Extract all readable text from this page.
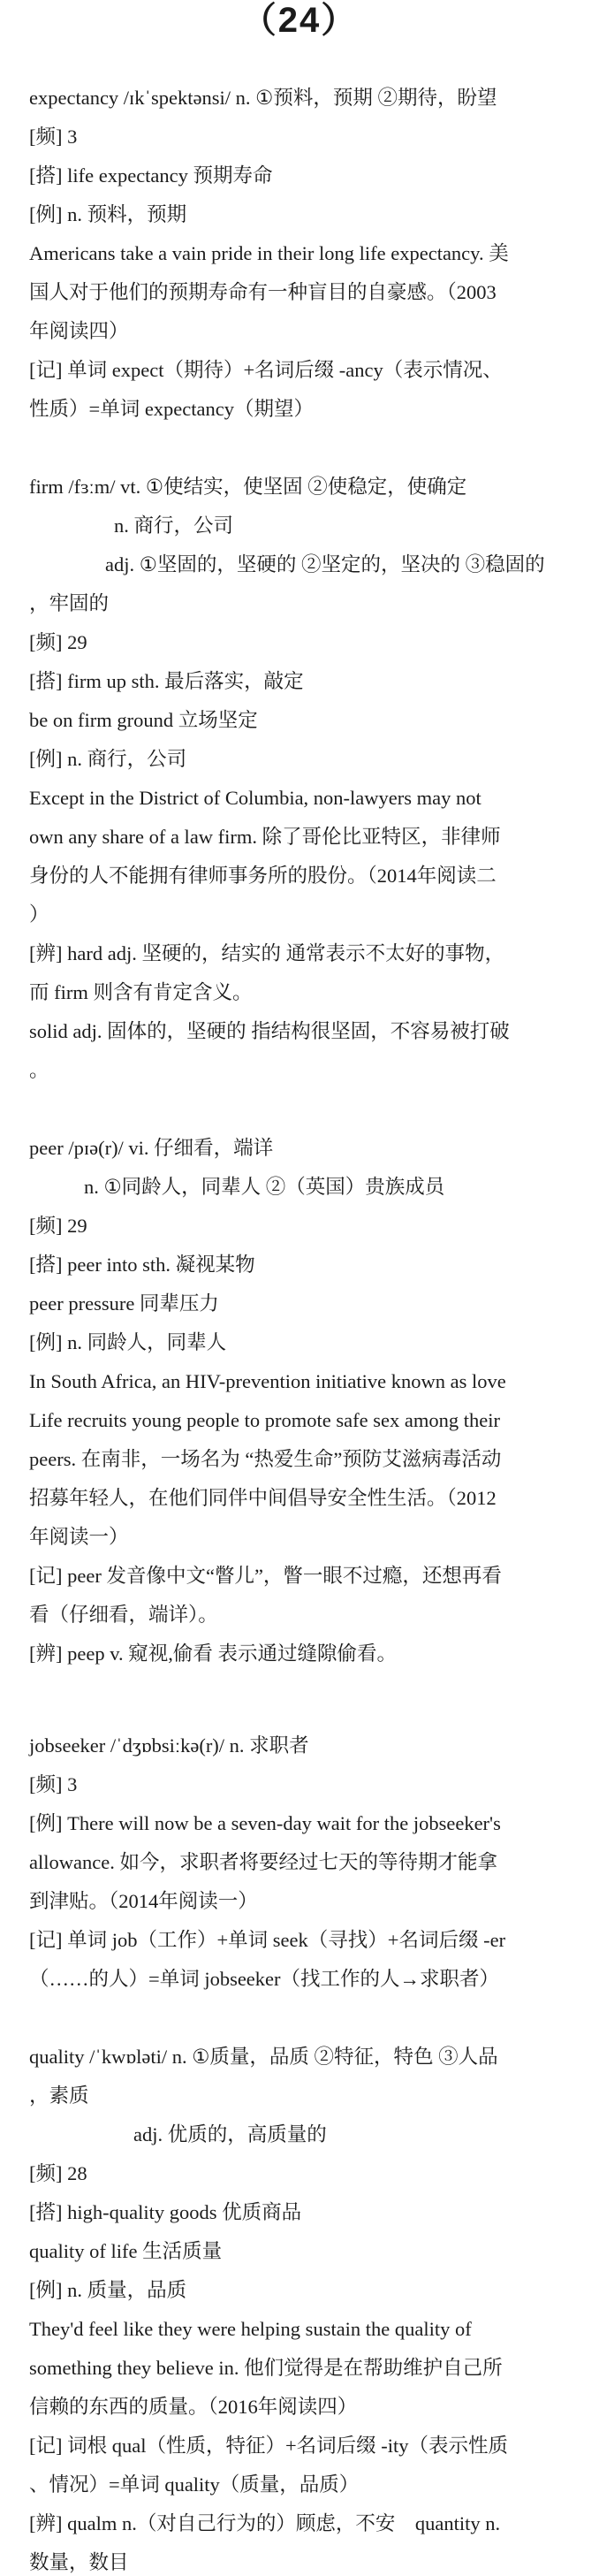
（24）
expectancy /ɪkˈspektənsi/ n. ①预料，预期 ②期待，盼望
[频] 3
[搭] life expectancy 预期寿命
[例] n. 预料，预期
Americans take a vain pride in their long life expectancy. 美
国人对于他们的预期寿命有一种盲目的自豪感。（2003
年阅读四）
[记] 单词 expect（期待）+名词后缀 -ancy（表示情况、
性质）=单词 expectancy（期望）
firm /fɜːm/ vt. ①使结实，使坚固 ②使稳定，使确定
n. 商行，公司
adj. ①坚固的，坚硬的 ②坚定的，坚决的 ③稳固的
，牢固的
[频] 29
[搭] firm up sth. 最后落实，敲定
be on firm ground 立场坚定
[例] n. 商行，公司
Except in the District of Columbia, non-lawyers may not
own any share of a law firm. 除了哥伦比亚特区，非律师
身份的人不能拥有律师事务所的股份。（2014年阅读二
）
[辨] hard adj. 坚硬的，结实的 通常表示不太好的事物，
而 firm 则含有肯定含义。
solid adj. 固体的，坚硬的 指结构很坚固，不容易被打破
。
peer /pɪə(r)/ vi. 仔细看，端详
n. ①同龄人，同辈人 ②（英国）贵族成员
[频] 29
[搭] peer into sth. 凝视某物
peer pressure 同辈压力
[例] n. 同龄人，同辈人
In South Africa, an HIV-prevention initiative known as love
Life recruits young people to promote safe sex among their
peers. 在南非，一场名为 “热爱生命”预防艾滋病毒活动
招募年轻人，在他们同伴中间倡导安全性生活。（2012
年阅读一）
[记] peer 发音像中文“瞥儿”，瞥一眼不过瘾，还想再看
看（仔细看，端详）。
[辨] peep v. 窥视,偷看 表示通过缝隙偷看。
jobseeker /ˈdʒɒbsiːkə(r)/ n. 求职者
[频] 3
[例] There will now be a seven-day wait for the jobseeker's
allowance. 如今，求职者将要经过七天的等待期才能拿
到津贴。（2014年阅读一）
[记] 单词 job（工作）+单词 seek（寻找）+名词后缀 -er
（……的人）=单词 jobseeker（找工作的人→求职者）
quality /ˈkwɒləti/ n. ①质量，品质 ②特征，特色 ③人品
，素质
adj. 优质的，高质量的
[频] 28
[搭] high-quality goods 优质商品
quality of life 生活质量
[例] n. 质量，品质
They'd feel like they were helping sustain the quality of
something they believe in. 他们觉得是在帮助维护自己所
信赖的东西的质量。（2016年阅读四）
[记] 词根 qual（性质，特征）+名词后缀 -ity（表示性质
、情况）=单词 quality（质量，品质）
[辨] qualm n.（对自己行为的）顾虑，不安　quantity n.
数量，数目
